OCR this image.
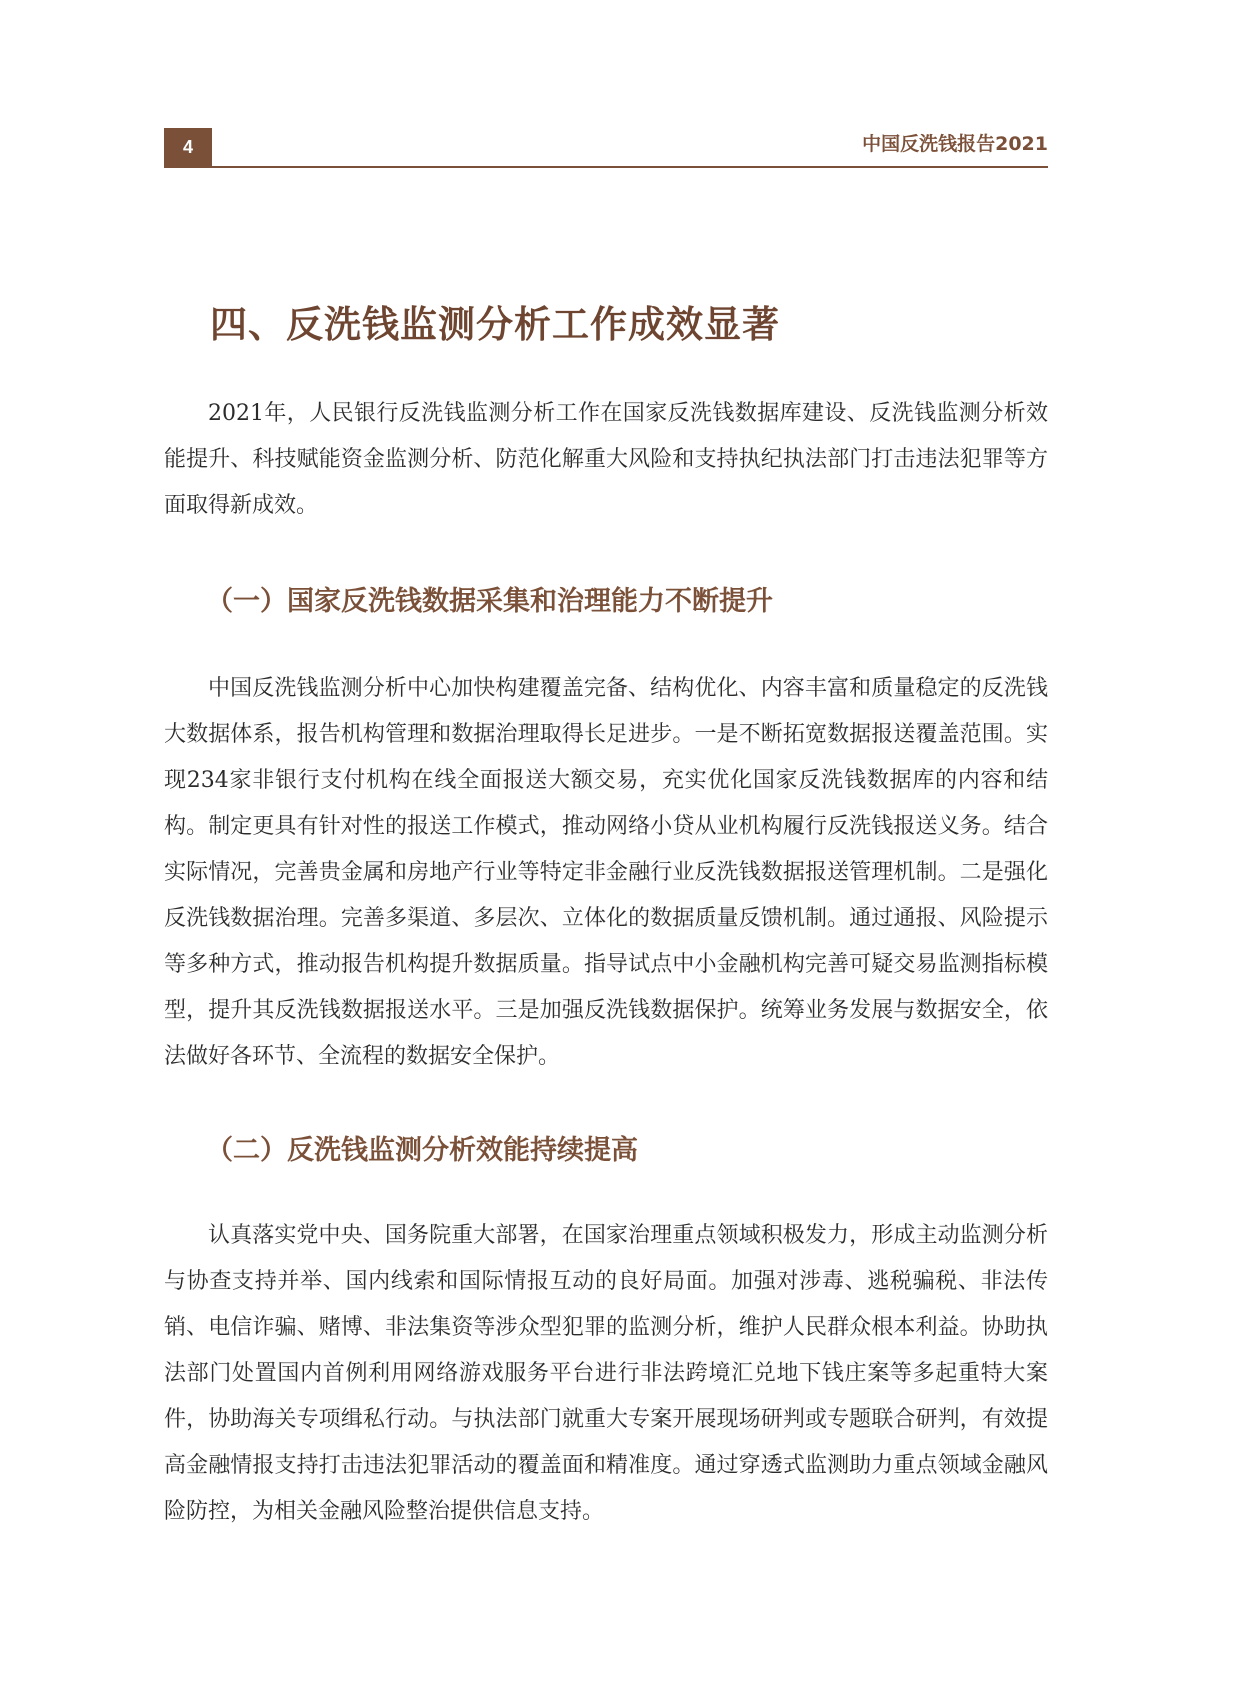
4	中国反洗钱报告2021
四、反洗钱监测分析工作成效显著

2021年，人民银行反洗钱监测分析工作在国家反洗钱数据库建设、反洗钱监测分析效能提升、科技赋能资金监测分析、防范化解重大风险和支持执纪执法部门打击违法犯罪等方面取得新成效。

（一）国家反洗钱数据采集和治理能力不断提升

中国反洗钱监测分析中心加快构建覆盖完备、结构优化、内容丰富和质量稳定的反洗钱大数据体系，报告机构管理和数据治理取得长足进步。一是不断拓宽数据报送覆盖范围。实现234家非银行支付机构在线全面报送大额交易，充实优化国家反洗钱数据库的内容和结构。制定更具有针对性的报送工作模式，推动网络小贷从业机构履行反洗钱报送义务。结合实际情况，完善贵金属和房地产行业等特定非金融行业反洗钱数据报送管理机制。二是强化反洗钱数据治理。完善多渠道、多层次、立体化的数据质量反馈机制。通过通报、风险提示等多种方式，推动报告机构提升数据质量。指导试点中小金融机构完善可疑交易监测指标模型，提升其反洗钱数据报送水平。三是加强反洗钱数据保护。统筹业务发展与数据安全，依法做好各环节、全流程的数据安全保护。

（二）反洗钱监测分析效能持续提高

认真落实党中央、国务院重大部署，在国家治理重点领域积极发力，形成主动监测分析与协查支持并举、国内线索和国际情报互动的良好局面。加强对涉毒、逃税骗税、非法传销、电信诈骗、赌博、非法集资等涉众型犯罪的监测分析，维护人民群众根本利益。协助执法部门处置国内首例利用网络游戏服务平台进行非法跨境汇兑地下钱庄案等多起重特大案件，协助海关专项缉私行动。与执法部门就重大专案开展现场研判或专题联合研判，有效提高金融情报支持打击违法犯罪活动的覆盖面和精准度。通过穿透式监测助力重点领域金融风险防控，为相关金融风险整治提供信息支持。
